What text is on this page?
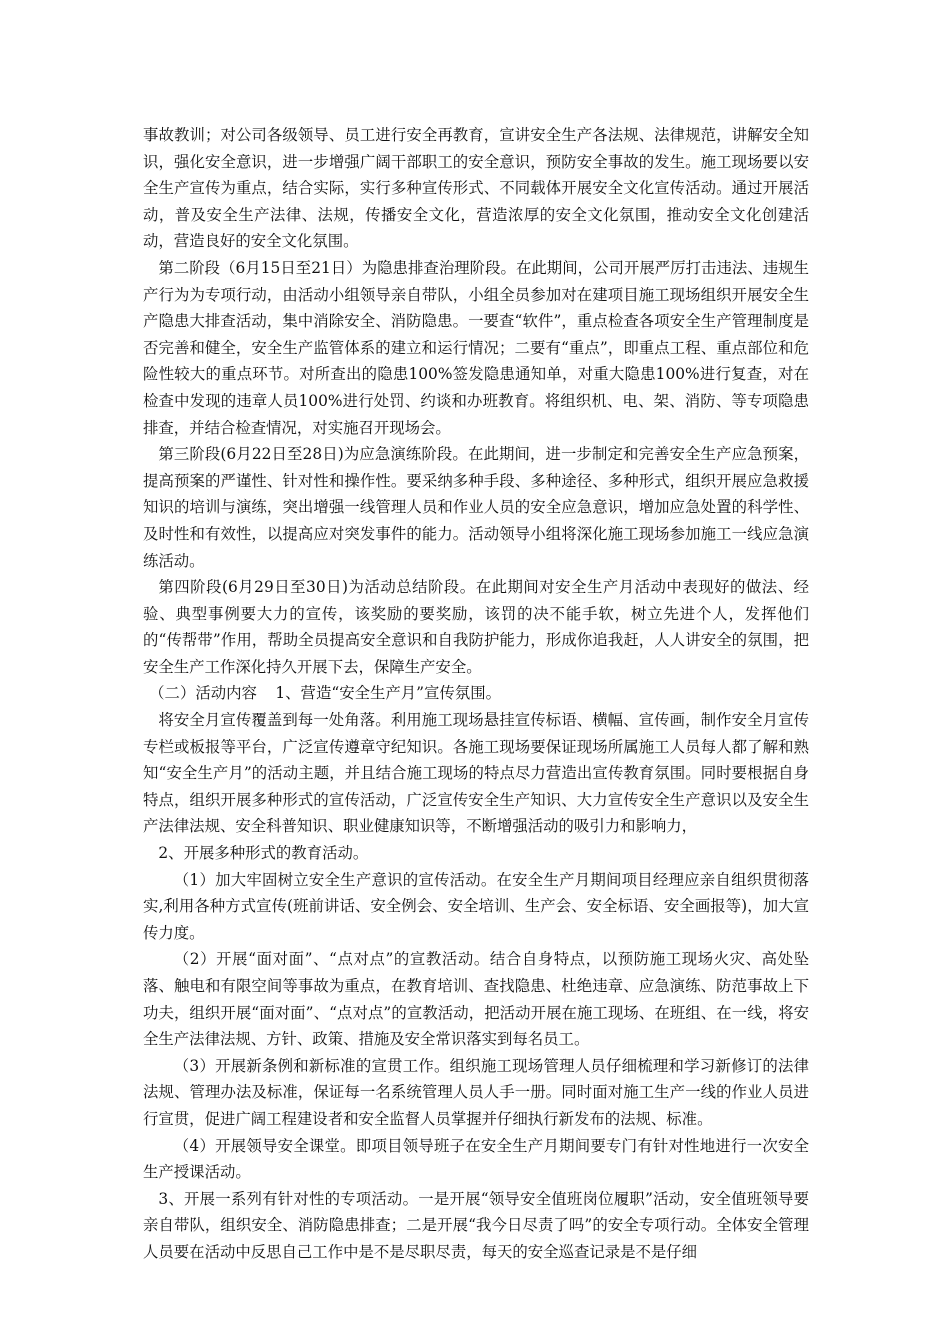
事故教训；对公司各级领导、员工进行安全再教育，宣讲安全生产各法规、法律规范，讲解安全知识，强化安全意识，进一步增强广阔干部职工的安全意识，预防安全事故的发生。施工现场要以安全生产宣传为重点，结合实际，实行多种宣传形式、不同载体开展安全文化宣传活动。通过开展活动，普及安全生产法律、法规，传播安全文化，营造浓厚的安全文化氛围，推动安全文化创建活动，营造良好的安全文化氛围。

第二阶段（6月15日至21日）为隐患排查治理阶段。在此期间，公司开展严厉打击违法、违规生产行为为专项行动，由活动小组领导亲自带队，小组全员参加对在建项目施工现场组织开展安全生产隐患大排查活动，集中消除安全、消防隐患。一要查“软件”，重点检查各项安全生产管理制度是否完善和健全，安全生产监管体系的建立和运行情况；二要有“重点”，即重点工程、重点部位和危险性较大的重点环节。对所查出的隐患100%签发隐患通知单，对重大隐患100%进行复查，对在检查中发现的违章人员100%进行处罚、约谈和办班教育。将组织机、电、架、消防、等专项隐患排查，并结合检查情况，对实施召开现场会。

第三阶段(6月22日至28日)为应急演练阶段。在此期间，进一步制定和完善安全生产应急预案，提高预案的严谨性、针对性和操作性。要采纳多种手段、多种途径、多种形式，组织开展应急救援知识的培训与演练，突出增强一线管理人员和作业人员的安全应急意识，增加应急处置的科学性、及时性和有效性，以提高应对突发事件的能力。活动领导小组将深化施工现场参加施工一线应急演练活动。

第四阶段(6月29日至30日)为活动总结阶段。在此期间对安全生产月活动中表现好的做法、经验、典型事例要大力的宣传，该奖励的要奖励，该罚的决不能手软，树立先进个人，发挥他们的“传帮带”作用，帮助全员提高安全意识和自我防护能力，形成你追我赶，人人讲安全的氛围，把安全生产工作深化持久开展下去，保障生产安全。

（二）活动内容 1、营造“安全生产月”宣传氛围。

将安全月宣传覆盖到每一处角落。利用施工现场悬挂宣传标语、横幅、宣传画，制作安全月宣传专栏或板报等平台，广泛宣传遵章守纪知识。各施工现场要保证现场所属施工人员每人都了解和熟知“安全生产月”的活动主题，并且结合施工现场的特点尽力营造出宣传教育氛围。同时要根据自身特点，组织开展多种形式的宣传活动，广泛宣传安全生产知识、大力宣传安全生产意识以及安全生产法律法规、安全科普知识、职业健康知识等，不断增强活动的吸引力和影响力，

2、开展多种形式的教育活动。

（1）加大牢固树立安全生产意识的宣传活动。在安全生产月期间项目经理应亲自组织贯彻落实,利用各种方式宣传(班前讲话、安全例会、安全培训、生产会、安全标语、安全画报等)，加大宣传力度。

（2）开展“面对面”、“点对点”的宣教活动。结合自身特点，以预防施工现场火灾、高处坠落、触电和有限空间等事故为重点，在教育培训、查找隐患、杜绝违章、应急演练、防范事故上下功夫，组织开展“面对面”、“点对点”的宣教活动，把活动开展在施工现场、在班组、在一线，将安全生产法律法规、方针、政策、措施及安全常识落实到每名员工。

（3）开展新条例和新标准的宣贯工作。组织施工现场管理人员仔细梳理和学习新修订的法律法规、管理办法及标准，保证每一名系统管理人员人手一册。同时面对施工生产一线的作业人员进行宣贯，促进广阔工程建设者和安全监督人员掌握并仔细执行新发布的法规、标准。

（4）开展领导安全课堂。即项目领导班子在安全生产月期间要专门有针对性地进行一次安全生产授课活动。

3、开展一系列有针对性的专项活动。一是开展“领导安全值班岗位履职”活动，安全值班领导要亲自带队，组织安全、消防隐患排查；二是开展“我今日尽责了吗”的安全专项行动。全体安全管理人员要在活动中反思自己工作中是不是尽职尽责，每天的安全巡查记录是不是仔细
